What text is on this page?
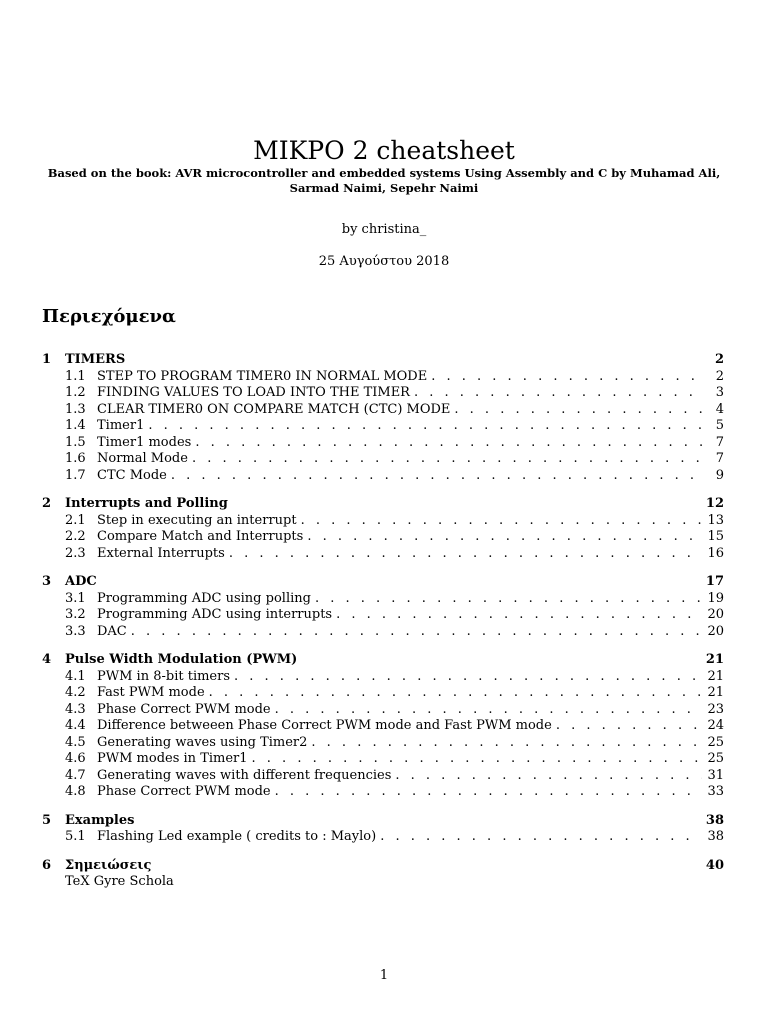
MIKPO 2 cheatsheet

Based on the book: AVR microcontroller and embedded systems Using Assembly and C by Muhamad Ali, Sarmad Naimi, Sepehr Naimi

by christina_
25 Αυγούστου 2018
Περιεχόμενα
1	TIMERS	2
1.1 STEP TO PROGRAM TIMER0 IN NORMAL MODE . . .	2
1.2 FINDING VALUES TO LOAD INTO THE TIMER . . .	3
1.3 CLEAR TIMER0 ON COMPARE MATCH (CTC) MODE . . .	4
1.4 Timer1 . . .	5
1.5 Timer1 modes . . .	7
1.6 Normal Mode . . .	7
1.7 CTC Mode . . .	9
2	Interrupts and Polling	12
2.1 Step in executing an interrupt . . .	13
2.2 Compare Match and Interrupts . . .	15
2.3 External Interrupts . . .	16
3	ADC	17
3.1 Programming ADC using polling . . .	19
3.2 Programming ADC using interrupts . . .	20
3.3 DAC . . .	20
4	Pulse Width Modulation (PWM)	21
4.1 PWM in 8-bit timers . . .	21
4.2 Fast PWM mode . . .	21
4.3 Phase Correct PWM mode . . .	23
4.4 Difference betweeen Phase Correct PWM mode and Fast PWM mode . . .	24
4.5 Generating waves using Timer2 . . .	25
4.6 PWM modes in Timer1 . . .	25
4.7 Generating waves with different frequencies . . .	31
4.8 Phase Correct PWM mode . . .	33
5	Examples	38
5.1 Flashing Led example ( credits to : Maylo) . . .	38
6	Σημειώσεις	40
TeX Gyre Schola
1
